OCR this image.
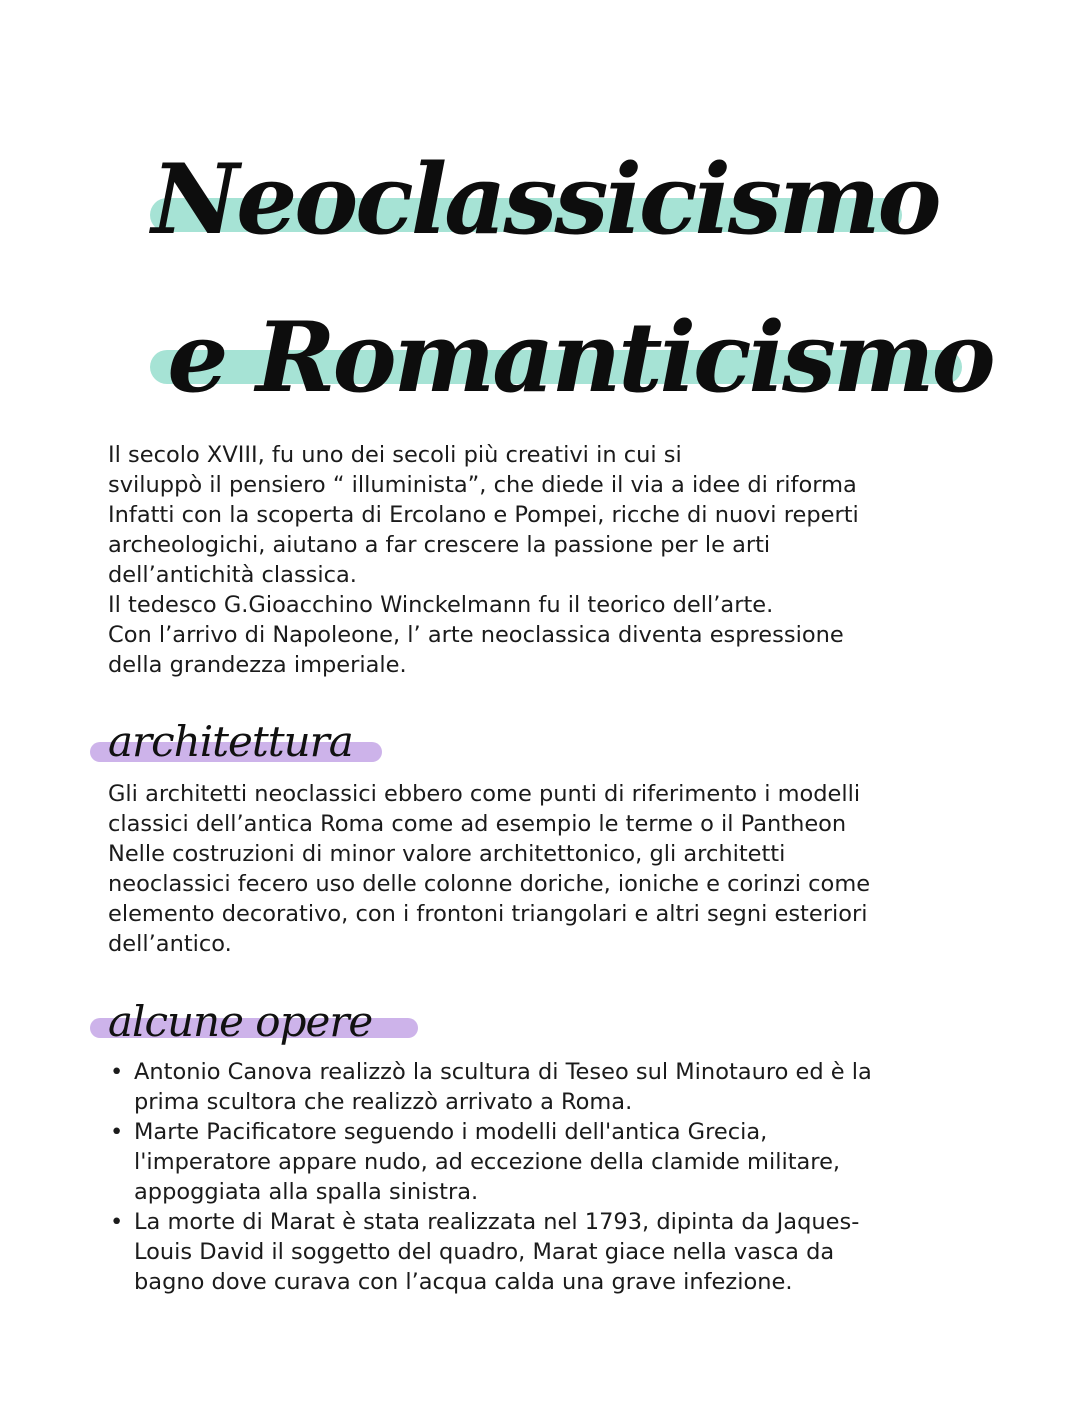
Neoclassicismo
e Romanticismo
Il secolo XVIII, fu uno dei secoli più creativi in cui si
sviluppò il pensiero “ illuminista”, che diede il via a idee di riforma
Infatti con la scoperta di Ercolano e Pompei, ricche di nuovi reperti
archeologichi, aiutano a far crescere la passione per le arti
dell’antichità classica.
Il tedesco G.Gioacchino Winckelmann fu il teorico dell’arte.
Con l’arrivo di Napoleone, l’ arte neoclassica diventa espressione
della grandezza imperiale.
architettura
Gli architetti neoclassici ebbero come punti di riferimento i modelli
classici dell’antica Roma come ad esempio le terme o il Pantheon
Nelle costruzioni di minor valore architettonico, gli architetti
neoclassici fecero uso delle colonne doriche, ioniche e corinzi come
elemento decorativo, con i frontoni triangolari e altri segni esteriori
dell’antico.
alcune opere
• Antonio Canova realizzò la scultura di Teseo sul Minotauro ed è la
prima scultora che realizzò arrivato a Roma.
• Marte Pacificatore seguendo i modelli dell'antica Grecia,
l'imperatore appare nudo, ad eccezione della clamide militare,
appoggiata alla spalla sinistra.
• La morte di Marat è stata realizzata nel 1793, dipinta da Jaques-
Louis David il soggetto del quadro, Marat giace nella vasca da
bagno dove curava con l’acqua calda una grave infezione.
